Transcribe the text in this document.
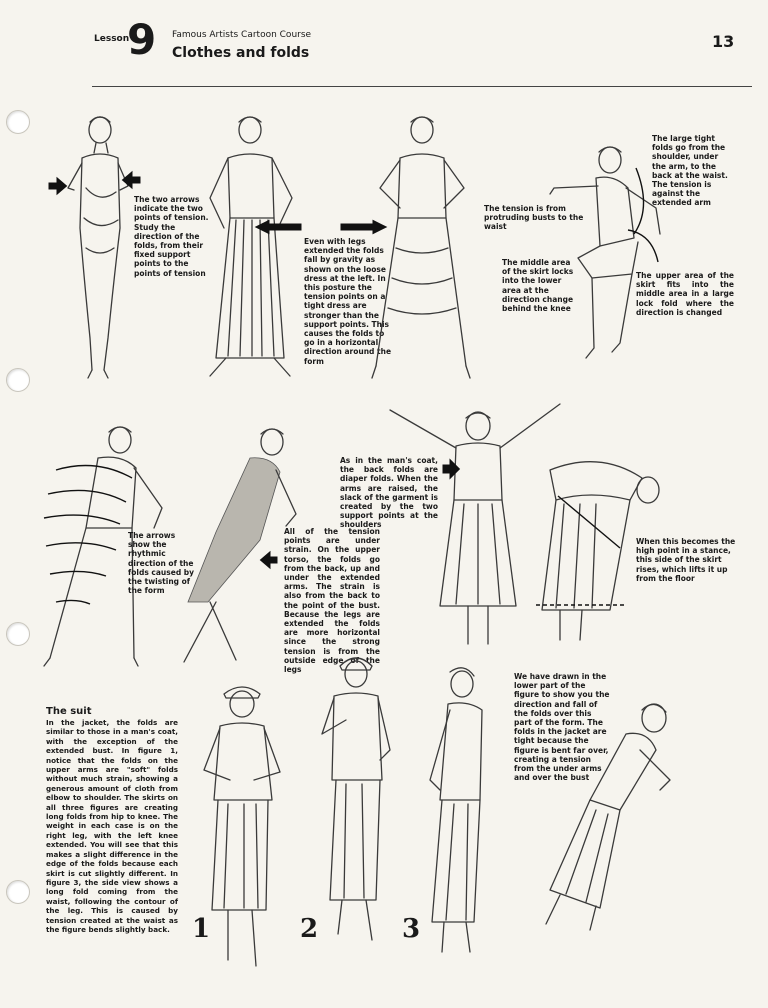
Lesson
9 Famous Artists Cartoon Course
Clothes and folds
13
The two arrows indicate the two points of tension. Study the direction of the folds, from their fixed support points to the points of tension
Even with legs extended the folds fall by gravity as shown on the loose dress at the left. In this posture the tension points on a tight dress are stronger than the support points. This causes the folds to go in a horizontal direction around the form
The tension is from protruding busts to the waist
The large tight folds go from the shoulder, under the arm, to the back at the waist. The tension is against the extended arm
The middle area of the skirt locks into the lower area at the direction change behind the knee
The upper area of the skirt fits into the middle area in a large lock fold where the direction is changed
The arrows show the rhythmic direction of the folds caused by the twisting of the form
All of the tension points are under strain. On the upper torso, the folds go from the back, up and under the extended arms. The strain is also from the back to the point of the bust. Because the legs are extended the folds are more horizontal since the strong tension is from the outside edge of the legs
As in the man's coat, the back folds are diaper folds. When the arms are raised, the slack of the garment is created by the two support points at the shoulders
When this becomes the high point in a stance, this side of the skirt rises, which lifts it up from the floor
The suit
In the jacket, the folds are similar to those in a man's coat, with the exception of the extended bust. In figure 1, notice that the folds on the upper arms are "soft" folds without much strain, showing a generous amount of cloth from elbow to shoulder. The skirts on all three figures are creating long folds from hip to knee. The weight in each case is on the right leg, with the left knee extended. You will see that this makes a slight difference in the edge of the folds because each skirt is cut slightly different. In figure 3, the side view shows a long fold coming from the waist, following the contour of the leg. This is caused by tension created at the waist as the figure bends slightly back. 1	2	3
We have drawn in the lower part of the figure to show you the direction and fall of the folds over this part of the form. The folds in the jacket are tight because the figure is bent far over, creating a tension from the under arms and over the bust
